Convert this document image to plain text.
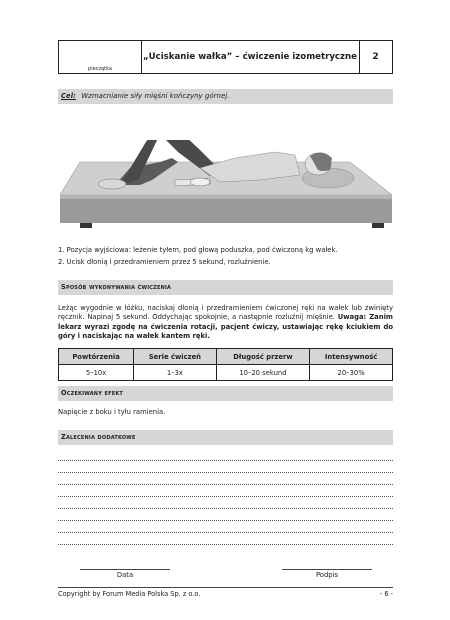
pieczątka
„Uciskanie wałka” – ćwiczenie izometryczne	2
Cel: Wzmacnianie siły mięśni kończyny górnej.
1. Pozycja wyjściowa: leżenie tyłem, pod głową poduszka, pod ćwiczoną kg wałek.
2. Ucisk dłonią i przedramieniem przez 5 sekund, rozluźnienie.
Sposób wykonywania ćwiczenia
Leżąc wygodnie w łóżku, naciskaj dłonią i przedramieniem ćwiczonej ręki na wałek lub zwinięty ręcznik. Napinaj 5 sekund. Oddychając spokojnie, a następnie rozluźnij mięśnie. Uwaga: Zanim lekarz wyrazi zgodę na ćwiczenia rotacji, pacjent ćwiczy, ustawiając rękę kciukiem do góry i naciskając na wałek kantem ręki.
Powtórzenia	Serie ćwiczeń	Długość przerw	Intensywność
5–10x	1–3x	10–20 sekund	20–30%
Oczekiwany efekt
Napięcie z boku i tyłu ramienia.
Zalecenia dodatkowe
Data	Podpis
Copyright by Forum Media Polska Sp. z o.o.	- 6 -
